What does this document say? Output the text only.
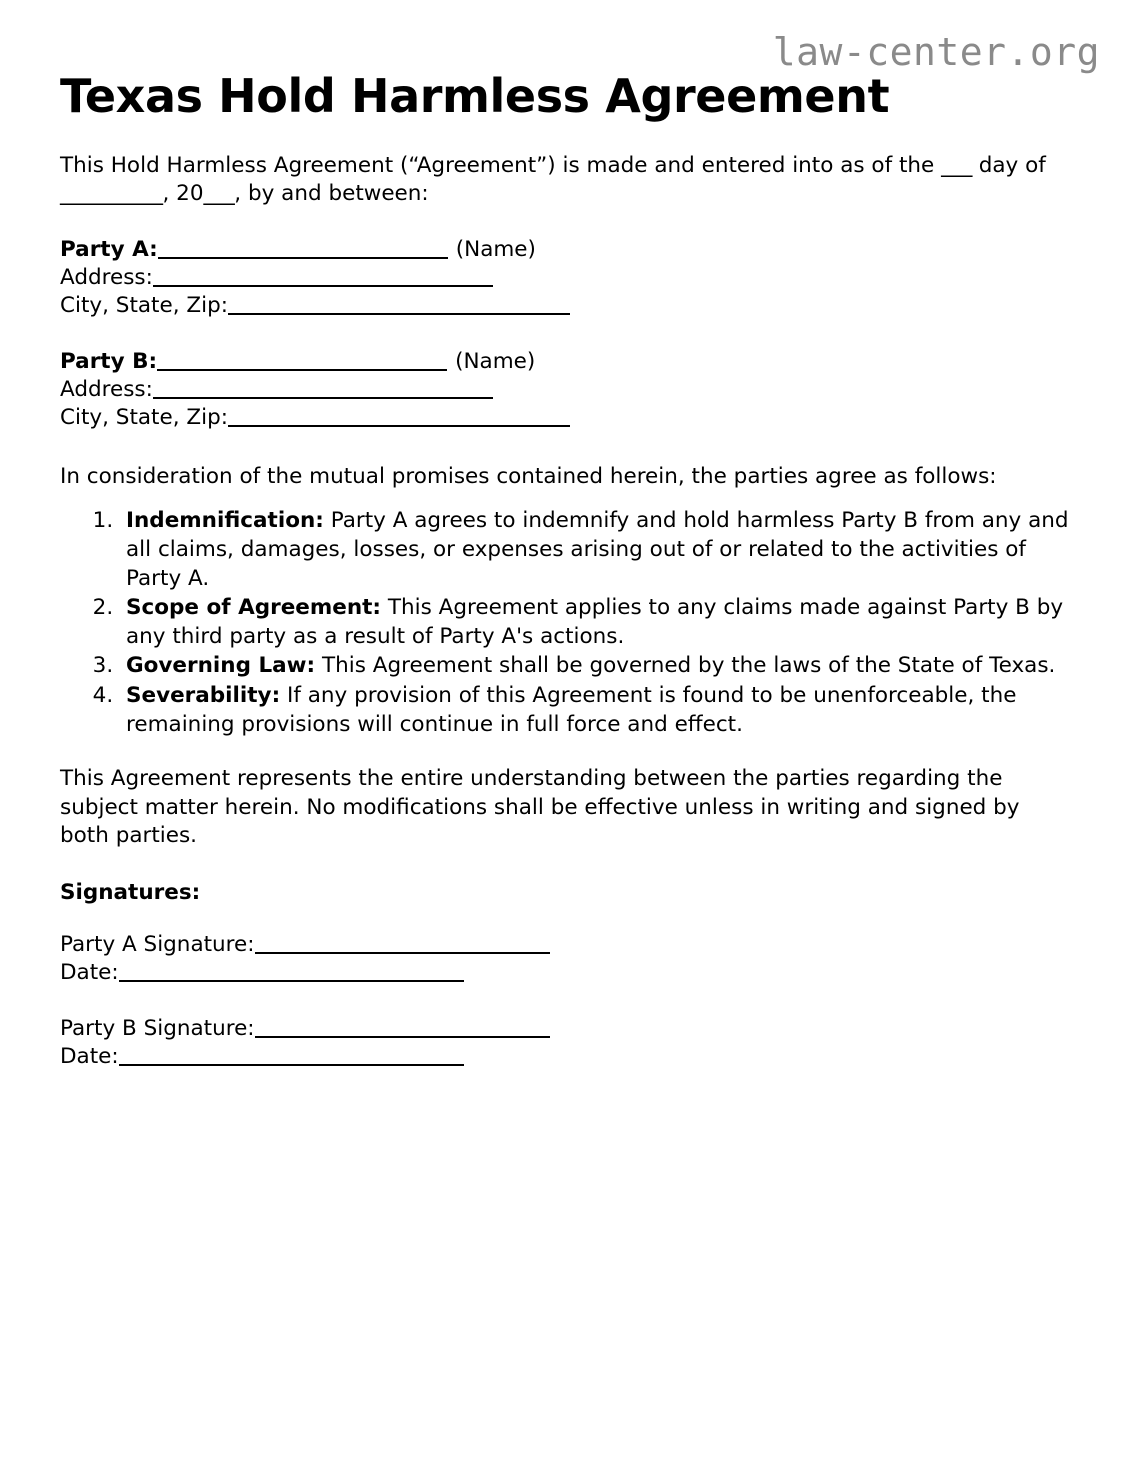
law-center.org
Texas Hold Harmless Agreement

This Hold Harmless Agreement (“Agreement”) is made and entered into as of the ___ day of __________, 20___, by and between:

Party A:	(Name)
Address:
City, State, Zip:
Party B:	(Name)
Address:
City, State, Zip:

In consideration of the mutual promises contained herein, the parties agree as follows:

1. Indemnification: Party A agrees to indemnify and hold harmless Party B from any and all claims, damages, losses, or expenses arising out of or related to the activities of Party A.
2. Scope of Agreement: This Agreement applies to any claims made against Party B by any third party as a result of Party A's actions.
3. Governing Law: This Agreement shall be governed by the laws of the State of Texas.
4. Severability: If any provision of this Agreement is found to be unenforceable, the remaining provisions will continue in full force and effect.

This Agreement represents the entire understanding between the parties regarding the subject matter herein. No modifications shall be effective unless in writing and signed by both parties.

Signatures:
Party A Signature:
Date:
Party B Signature:
Date:
